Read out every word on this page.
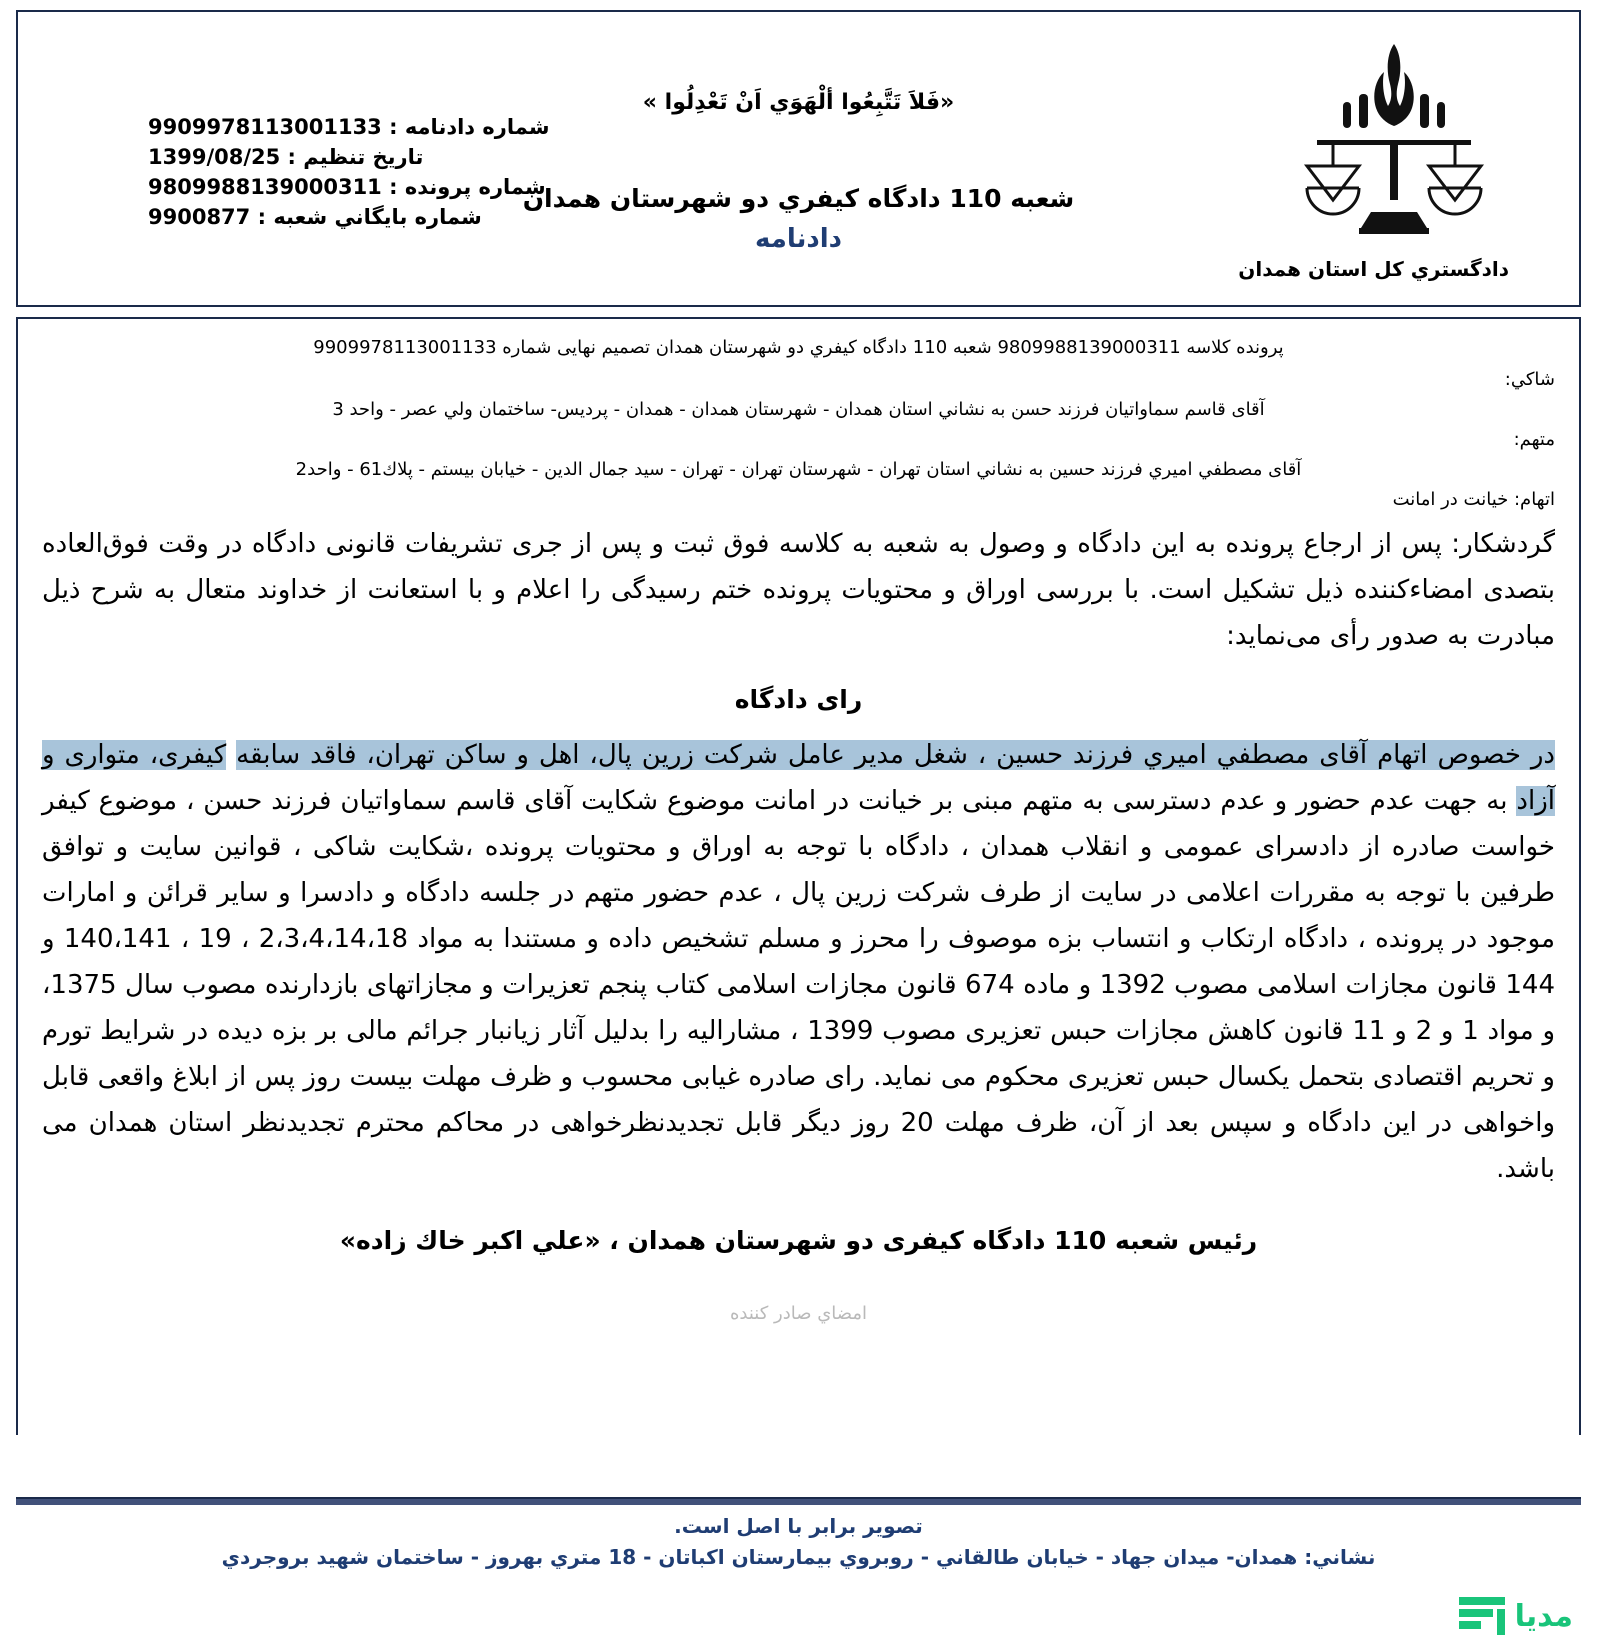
شماره دادنامه : 9909978113001133
تاريخ تنظيم : 1399/08/25
شماره پرونده : 9809988139000311
شماره بايگاني شعبه : 9900877
«فَلاَ تَتَّبِعُوا ألْهَوَي اَنْ تَعْدِلُوا »
شعبه 110 دادگاه كيفري دو شهرستان همدان
دادنامه
دادگستري كل استان همدان
پرونده كلاسه 9809988139000311 شعبه 110 دادگاه كيفري دو شهرستان همدان تصميم نهايی شماره 9909978113001133

شاكي:

آقای قاسم سماواتيان فرزند حسن به نشاني استان همدان - شهرستان همدان - همدان - پرديس- ساختمان ولي عصر - واحد 3

متهم:

آقای مصطفي اميري فرزند حسين به نشاني استان تهران - شهرستان تهران - تهران - سيد جمال الدين - خيابان بيستم - پلاك61 - واحد2

اتهام: خيانت در امانت

گردشکار: پس از ارجاع پرونده به این دادگاه و وصول به شعبه به كلاسه فوق ثبت و پس از جری تشریفات قانونی دادگاه در وقت فوق‌العاده بتصدی امضاءکننده ذیل تشکیل است. با بررسی اوراق و محتویات پرونده ختم رسیدگی را اعلام و با استعانت از خداوند متعال به شرح ذیل مبادرت به صدور رأی می‌نمايد:

رای دادگاه

در خصوص اتهام آقای مصطفي اميري فرزند حسين ، شغل مدير عامل شركت زرين پال، اهل و ساكن تهران، فاقد سابقه کیفری، متواری و آزاد به جهت عدم حضور و عدم دسترسی به متهم مبنی بر خیانت در امانت موضوع شکایت آقای قاسم سماواتيان فرزند حسن ، موضوع کیفر خواست صادره از دادسرای عمومی و انقلاب همدان ، دادگاه با توجه به اوراق و محتویات پرونده ،شکایت شاکی ، قوانین سایت و توافق طرفین با توجه به مقررات اعلامی در سایت از طرف شرکت زرین پال ، عدم حضور متهم در جلسه دادگاه و دادسرا و سایر قرائن و امارات موجود در پرونده ، دادگاه ارتکاب و انتساب بزه موصوف را محرز و مسلم تشخیص داده و مستندا به مواد 2،3،4،14،18 ، 19 ، 140،141 و 144 قانون مجازات اسلامی مصوب 1392 و ماده 674 قانون مجازات اسلامی كتاب پنجم تعزیرات و مجازاتهای بازدارنده مصوب سال 1375، و مواد 1 و 2 و 11 قانون کاهش مجازات حبس تعزیری مصوب 1399 ، مشاراليه را بدلیل آثار زیانبار جرائم مالی بر بزه دیده در شرایط تورم و تحریم اقتصادی بتحمل یکسال حبس تعزیری محکوم می نماید. رای صادره غیابی محسوب و ظرف مهلت بیست روز پس از ابلاغ واقعی قابل واخواهی در این دادگاه و سپس بعد از آن، ظرف مهلت 20 روز دیگر قابل تجدیدنظرخواهی در محاکم محترم تجدیدنظر استان همدان می باشد.

رئیس شعبه 110 دادگاه کيفری دو شهرستان همدان ، «علي اكبر خاك زاده»
امضاي صادر كننده
تصوير برابر با اصل است.
نشاني: همدان- ميدان جهاد - خيابان طالقاني - روبروي بيمارستان اكباتان - 18 متري بهروز - ساختمان شهيد بروجردي
مدیا
